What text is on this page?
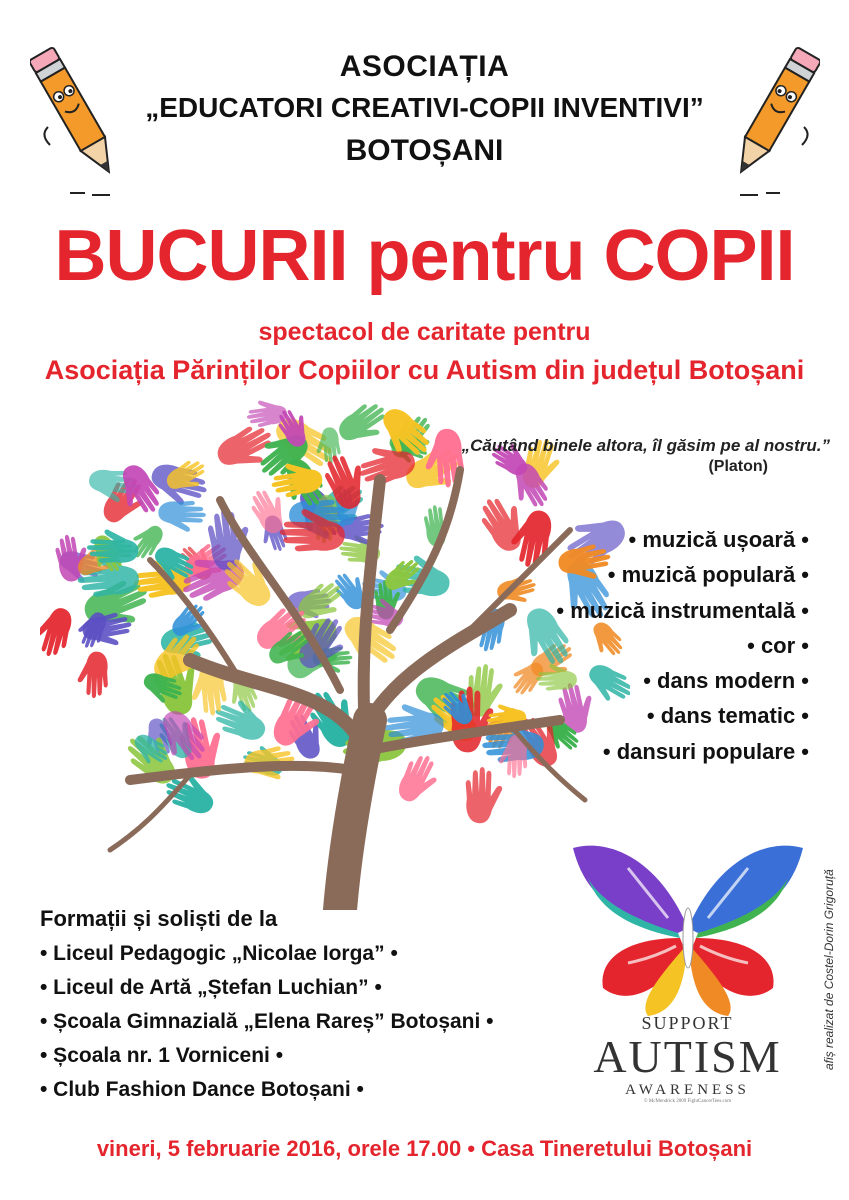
ASOCIAȚIA
„EDUCATORI CREATIVI-COPII INVENTIVI”
BOTOȘANI
BUCURII pentru COPII
spectacol de caritate pentru
Asociația Părinților Copiilor cu Autism din județul Botoșani
„Căutând binele altora, îl găsim pe al nostru.”
(Platon)
• muzică ușoară •
• muzică populară •
• muzică instrumentală •
• cor •
• dans modern •
• dans tematic •
• dansuri populare •
Formații și soliști de la
• Liceul Pedagogic „Nicolae Iorga” •
• Liceul de Artă „Ștefan Luchian” •
• Școala Gimnazială „Elena Rareș” Botoșani •
• Școala nr. 1 Vorniceni •
• Club Fashion Dance Botoșani •
SUPPORT
AUTISM
AWARENESS
© McMendrick 2009 FightCancerTees.com
afiș realizat de Costel-Dorin Grigoruță
vineri, 5 februarie 2016, orele 17.00 • Casa Tineretului Botoșani
